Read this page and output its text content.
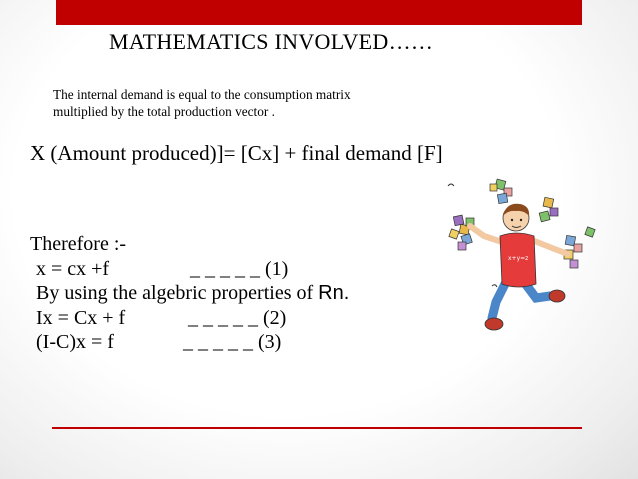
MATHEMATICS INVOLVED……
The internal demand is equal to the consumption matrix
multiplied by the total production vector .
X (Amount produced)]= [Cx] + final demand [F]
Therefore :-
x = cx +f	_ _ _ _ _ (1)
By using the algebric properties of Rn.
Ix = Cx + f	_ _ _ _ _ (2)
(I-C)x = f	_ _ _ _ _ (3)
x+y=z
